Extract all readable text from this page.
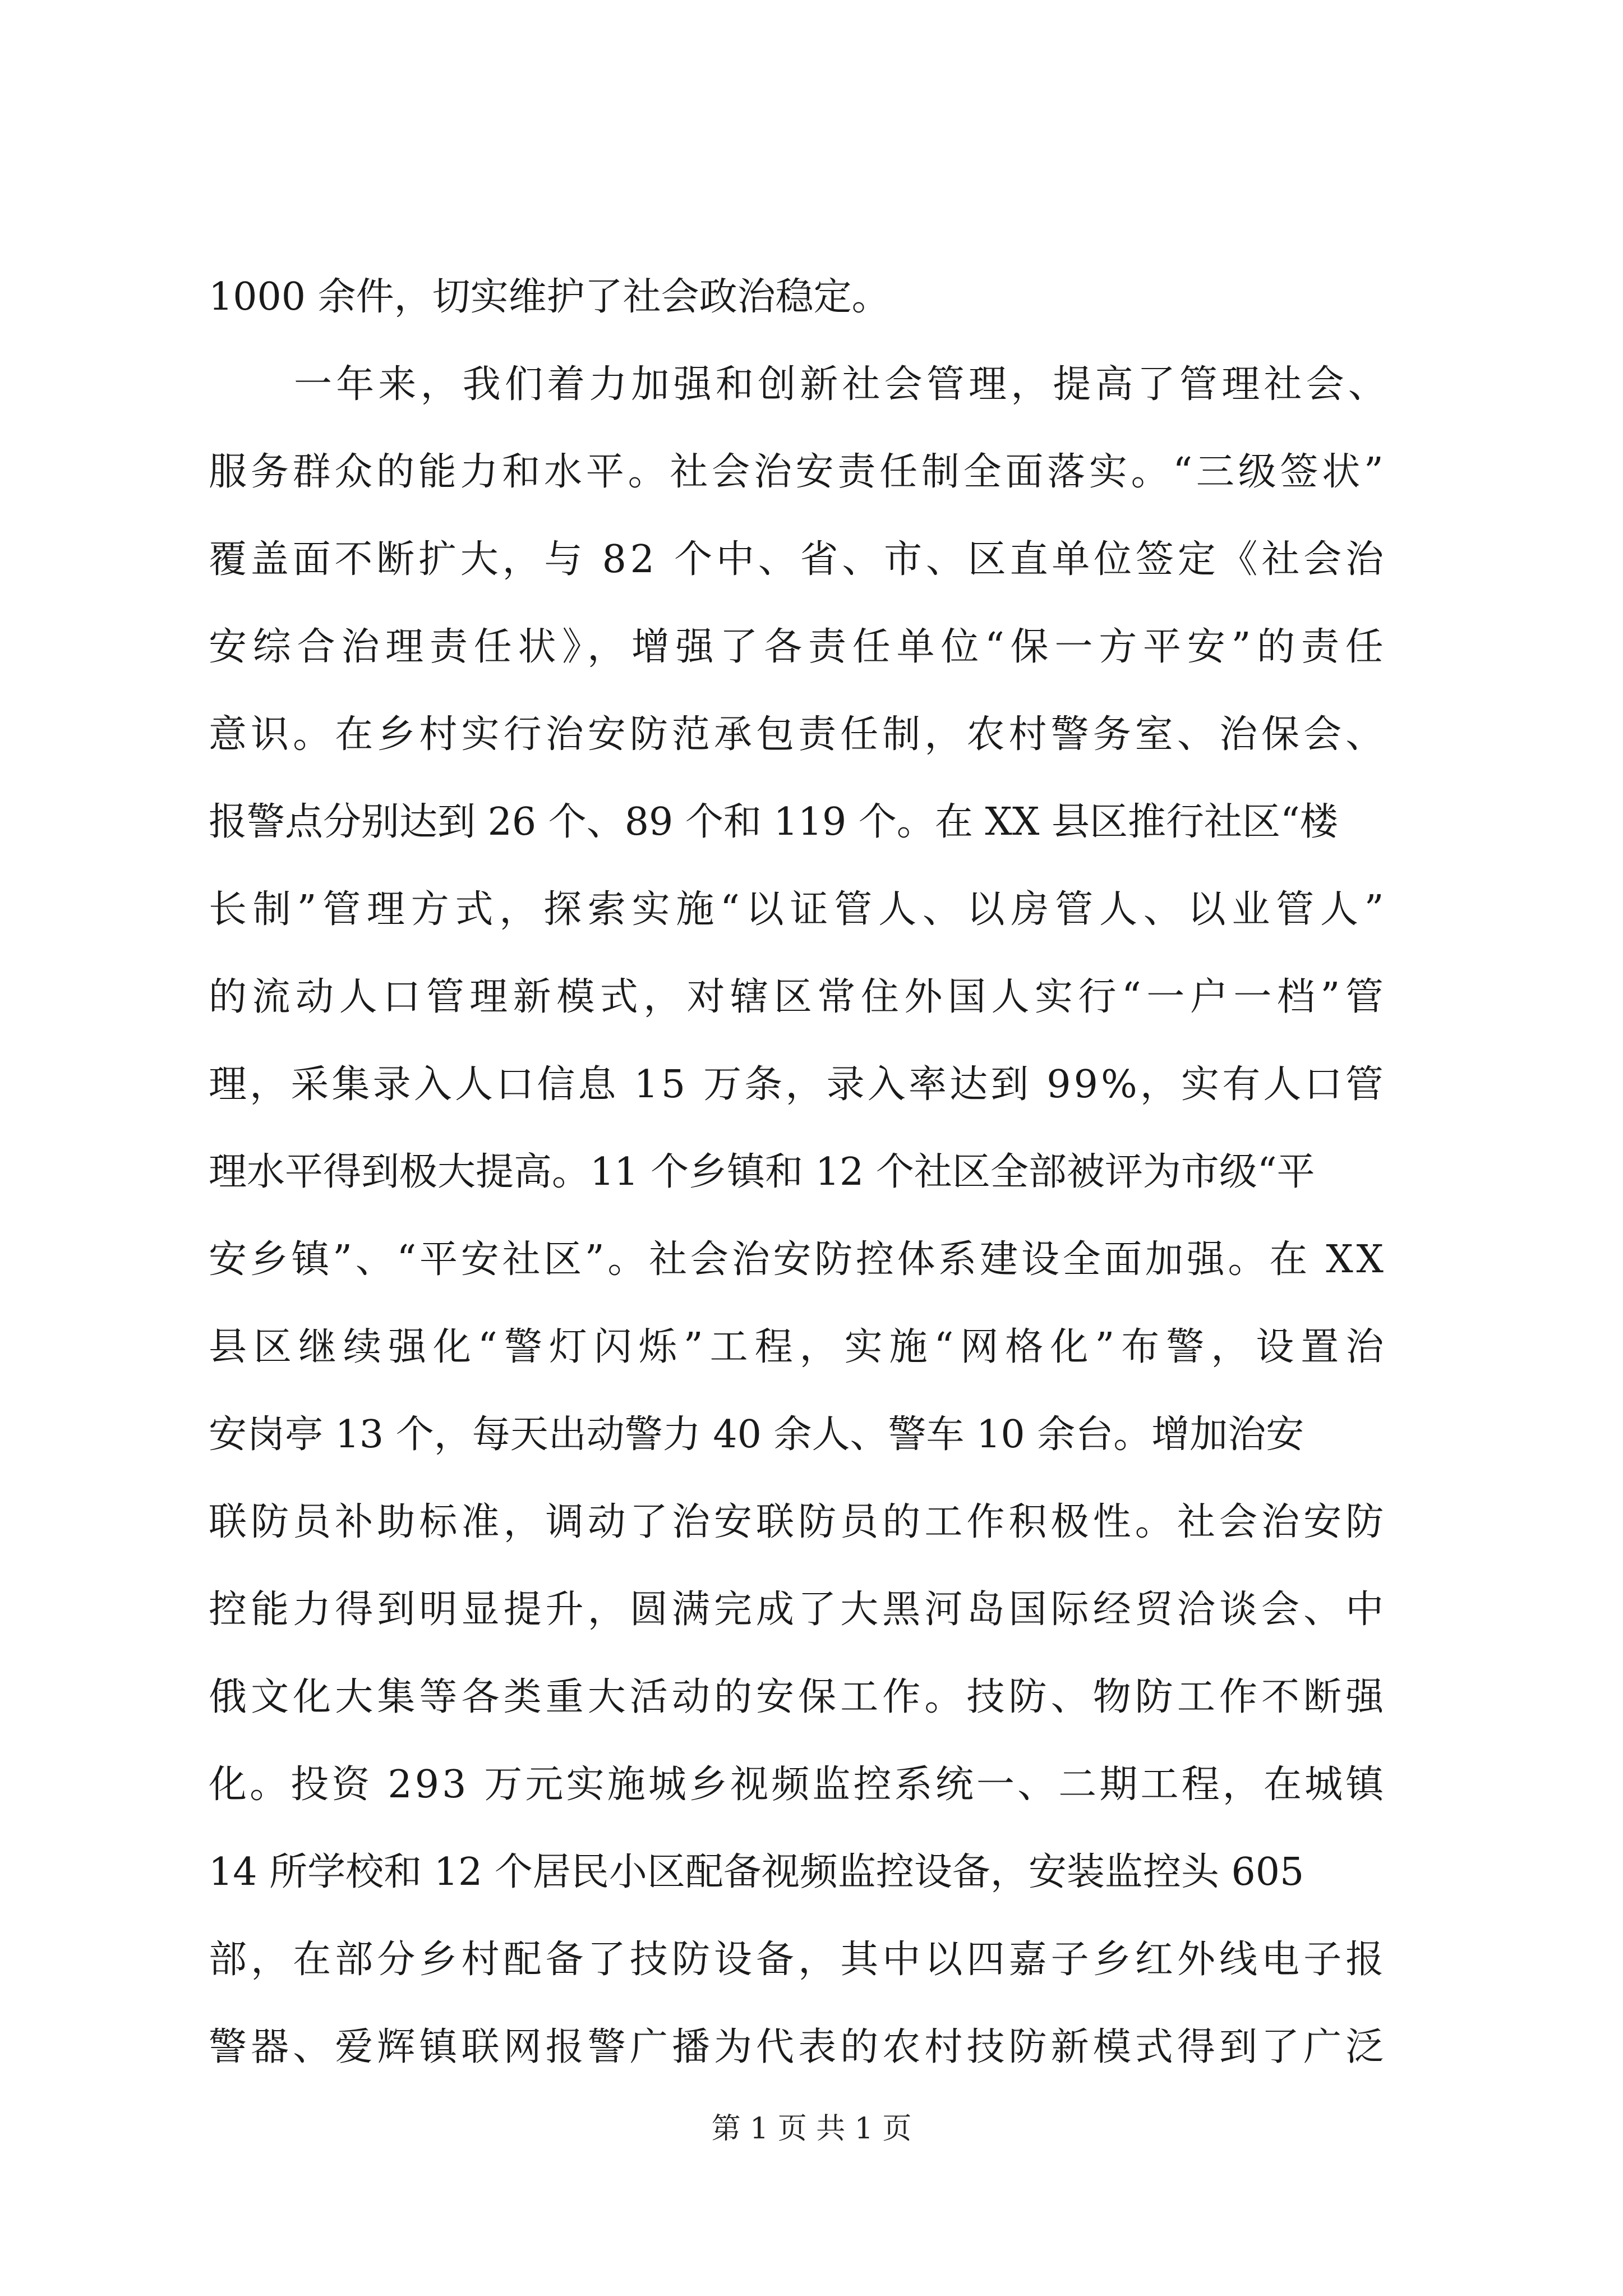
1000 余件，切实维护了社会政治稳定。
一年来，我们着力加强和创新社会管理，提高了管理社会、
服务群众的能力和水平。社会治安责任制全面落实。“三级签状”
覆盖面不断扩大，与 82 个中、省、市、区直单位签定《社会治
安综合治理责任状》，增强了各责任单位“保一方平安”的责任
意识。在乡村实行治安防范承包责任制，农村警务室、治保会、
报警点分别达到 26 个、89 个和 119 个。在 XX 县区推行社区“楼
长制”管理方式，探索实施“以证管人、以房管人、以业管人”
的流动人口管理新模式，对辖区常住外国人实行“一户一档”管
理，采集录入人口信息 15 万条，录入率达到 99%，实有人口管
理水平得到极大提高。11 个乡镇和 12 个社区全部被评为市级“平
安乡镇”、“平安社区”。社会治安防控体系建设全面加强。在 XX
县区继续强化“警灯闪烁”工程，实施“网格化”布警，设置治
安岗亭 13 个，每天出动警力 40 余人、警车 10 余台。增加治安
联防员补助标准，调动了治安联防员的工作积极性。社会治安防
控能力得到明显提升，圆满完成了大黑河岛国际经贸洽谈会、中
俄文化大集等各类重大活动的安保工作。技防、物防工作不断强
化。投资 293 万元实施城乡视频监控系统一、二期工程，在城镇
14 所学校和 12 个居民小区配备视频监控设备，安装监控头 605
部，在部分乡村配备了技防设备，其中以四嘉子乡红外线电子报
警器、爱辉镇联网报警广播为代表的农村技防新模式得到了广泛
第 1 页 共 1 页
